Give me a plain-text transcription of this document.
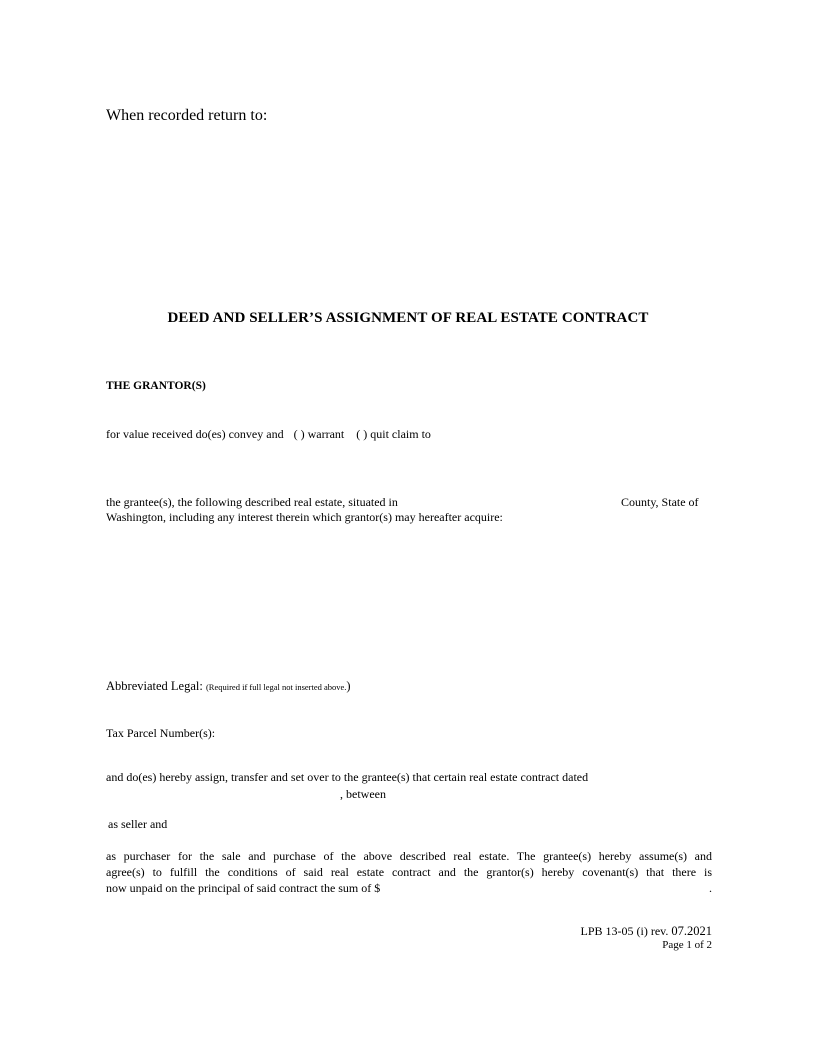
When recorded return to:
DEED AND SELLER’S ASSIGNMENT OF REAL ESTATE CONTRACT
THE GRANTOR(S)
for value received do(es) convey and ( ) warrant ( ) quit claim to
the grantee(s), the following described real estate, situated in	County, State of
Washington, including any interest therein which grantor(s) may hereafter acquire:
Abbreviated Legal: (Required if full legal not inserted above.)
Tax Parcel Number(s):
and do(es) hereby assign, transfer and set over to the grantee(s) that certain real estate contract dated
, between
as seller and
as purchaser for the sale and purchase of the above described real estate. The grantee(s) hereby assume(s) and
agree(s) to fulfill the conditions of said real estate contract and the grantor(s) hereby covenant(s) that there is
now unpaid on the principal of said contract the sum of $	.
LPB 13-05 (i) rev. 07.2021
Page 1 of 2
